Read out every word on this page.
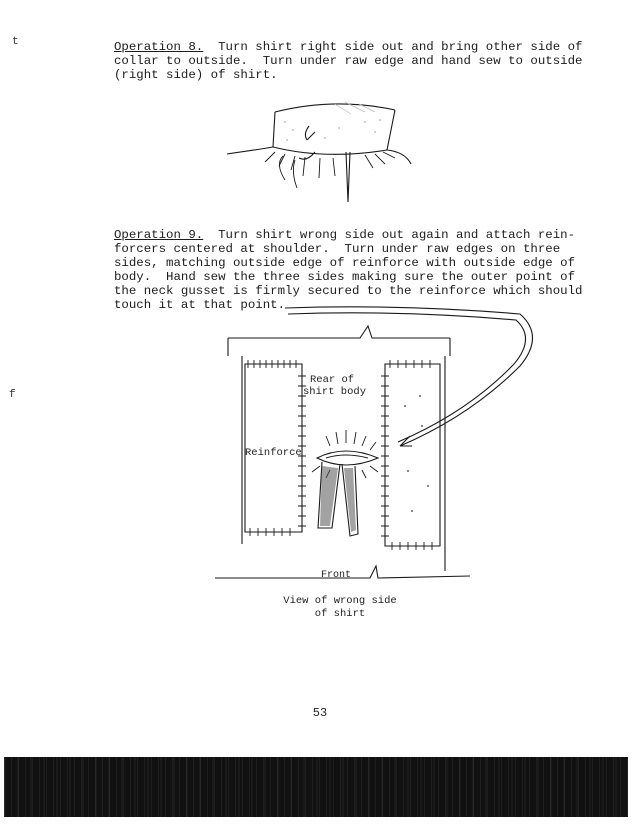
t
f
Operation 8.  Turn shirt right side out and bring other side of
collar to outside.  Turn under raw edge and hand sew to outside
(right side) of shirt.
Operation 9.  Turn shirt wrong side out again and attach rein-
forcers centered at shoulder.  Turn under raw edges on three
sides, matching outside edge of reinforce with outside edge of
body.  Hand sew the three sides making sure the outer point of
the neck gusset is firmly secured to the reinforce which should
touch it at that point.
Rear of
shirt body
Reinforce
Front
View of wrong side
of shirt
53
